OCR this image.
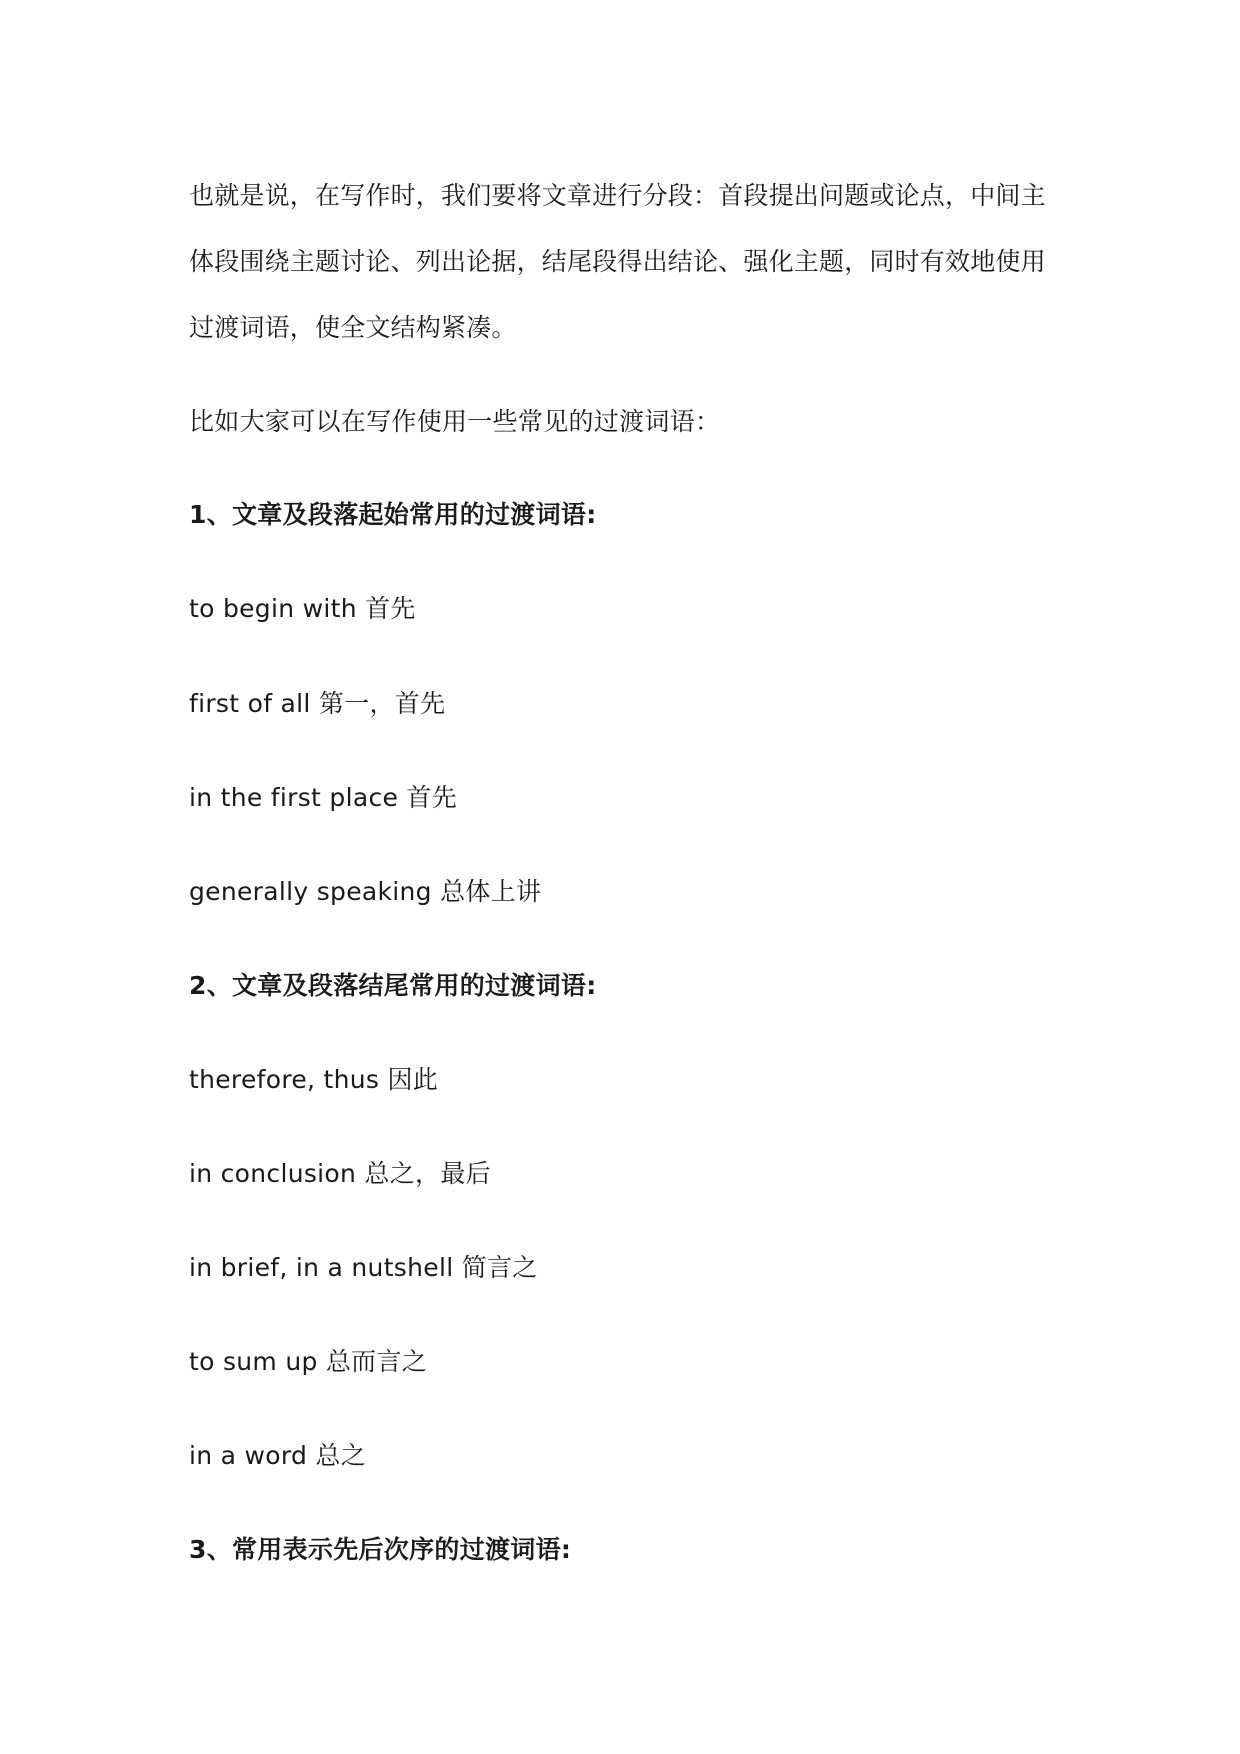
也就是说，在写作时，我们要将文章进行分段：首段提出问题或论点，中间主体段围绕主题讨论、列出论据，结尾段得出结论、强化主题，同时有效地使用过渡词语，使全文结构紧凑。

比如大家可以在写作使用一些常见的过渡词语：

1、文章及段落起始常用的过渡词语:

to begin with 首先

first of all 第一，首先

in the first place 首先

generally speaking 总体上讲

2、文章及段落结尾常用的过渡词语:

therefore, thus 因此

in conclusion 总之，最后

in brief, in a nutshell 简言之

to sum up 总而言之

in a word 总之

3、常用表示先后次序的过渡词语:
